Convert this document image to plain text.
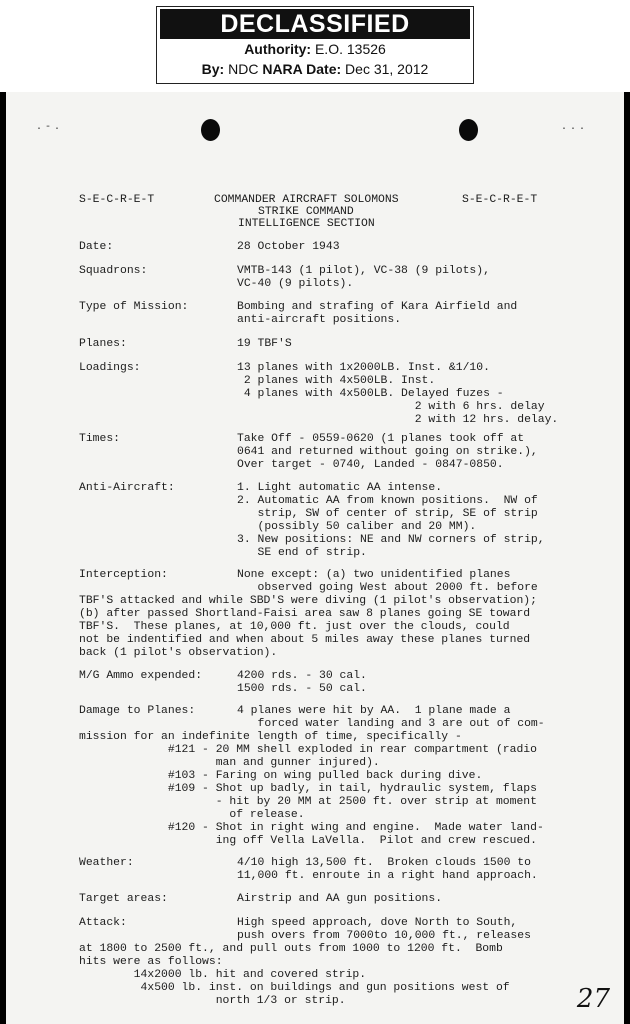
DECLASSIFIED
Authority: E.O. 13526
By: NDC NARA Date: Dec 31, 2012
.-.	...
S-E-C-R-E-T	COMMANDER AIRCRAFT SOLOMONS	S-E-C-R-E-T
STRIKE COMMAND
INTELLIGENCE SECTION
Date:	28 October 1943
Squadrons:	VMTB-143 (1 pilot), VC-38 (9 pilots),
VC-40 (9 pilots).
Type of Mission:	Bombing and strafing of Kara Airfield and
anti-aircraft positions.
Planes:	19 TBF'S
Loadings:	13 planes with 1x2000LB. Inst. &1/10.
2 planes with 4x500LB. Inst.
4 planes with 4x500LB. Delayed fuzes -
2 with 6 hrs. delay
2 with 12 hrs. delay.
Times:	Take Off - 0559-0620 (1 planes took off at
0641 and returned without going on strike.),
Over target - 0740, Landed - 0847-0850.
Anti-Aircraft:	1. Light automatic AA intense.
2. Automatic AA from known positions.  NW of
strip, SW of center of strip, SE of strip
(possibly 50 caliber and 20 MM).
3. New positions: NE and NW corners of strip,
SE end of strip.
Interception:	None except: (a) two unidentified planes
observed going West about 2000 ft. before
TBF'S attacked and while SBD'S were diving (1 pilot's observation);
(b) after passed Shortland-Faisi area saw 8 planes going SE toward
TBF'S.  These planes, at 10,000 ft. just over the clouds, could
not be indentified and when about 5 miles away these planes turned
back (1 pilot's observation).
M/G Ammo expended:	4200 rds. - 30 cal.
1500 rds. - 50 cal.
Damage to Planes:	4 planes were hit by AA.  1 plane made a
forced water landing and 3 are out of com-
mission for an indefinite length of time, specifically -
#121 - 20 MM shell exploded in rear compartment (radio
man and gunner injured).
#103 - Faring on wing pulled back during dive.
#109 - Shot up badly, in tail, hydraulic system, flaps
- hit by 20 MM at 2500 ft. over strip at moment
of release.
#120 - Shot in right wing and engine.  Made water land-
ing off Vella LaVella.  Pilot and crew rescued.
Weather:	4/10 high 13,500 ft.  Broken clouds 1500 to
11,000 ft. enroute in a right hand approach.
Target areas:	Airstrip and AA gun positions.
Attack:	High speed approach, dove North to South,
push overs from 7000to 10,000 ft., releases
at 1800 to 2500 ft., and pull outs from 1000 to 1200 ft.  Bomb
hits were as follows:
14x2000 lb. hit and covered strip.
4x500 lb. inst. on buildings and gun positions west of
north 1/3 or strip.	27
